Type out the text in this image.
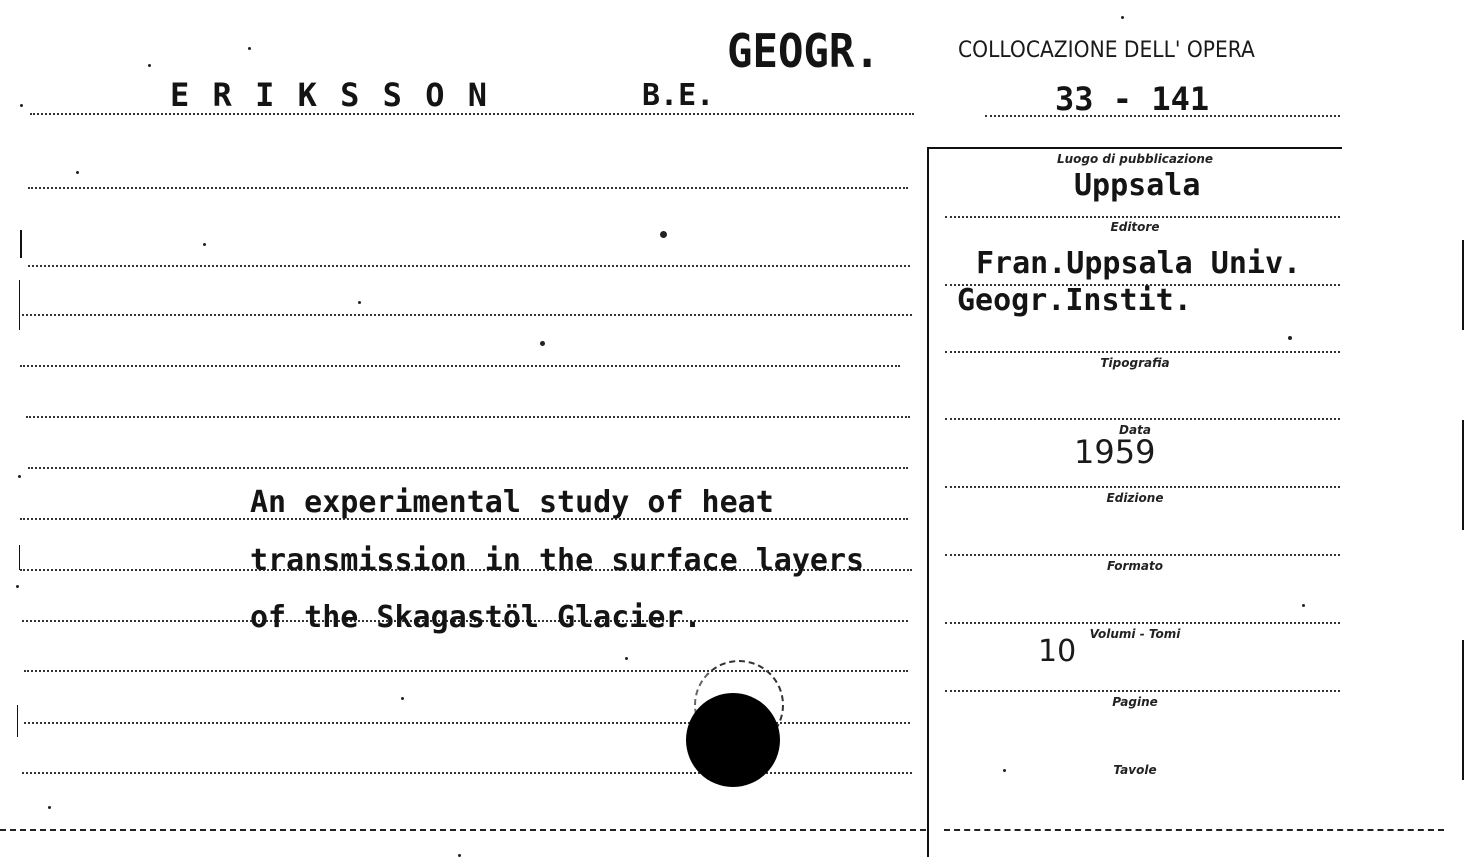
E R I K S S O N	B.E.
GEOGR.	COLLOCAZIONE DELL' OPERA
33 - 141
An experimental study of heat
transmission in the surface layers
of the Skagastöl Glacier.
Luogo di pubblicazione
Uppsala
Editore
Fran.Uppsala Univ.
Geogr.Instit.
Tipografia
Data
1959
Edizione
Formato
10	Volumi - Tomi
Pagine
Tavole
